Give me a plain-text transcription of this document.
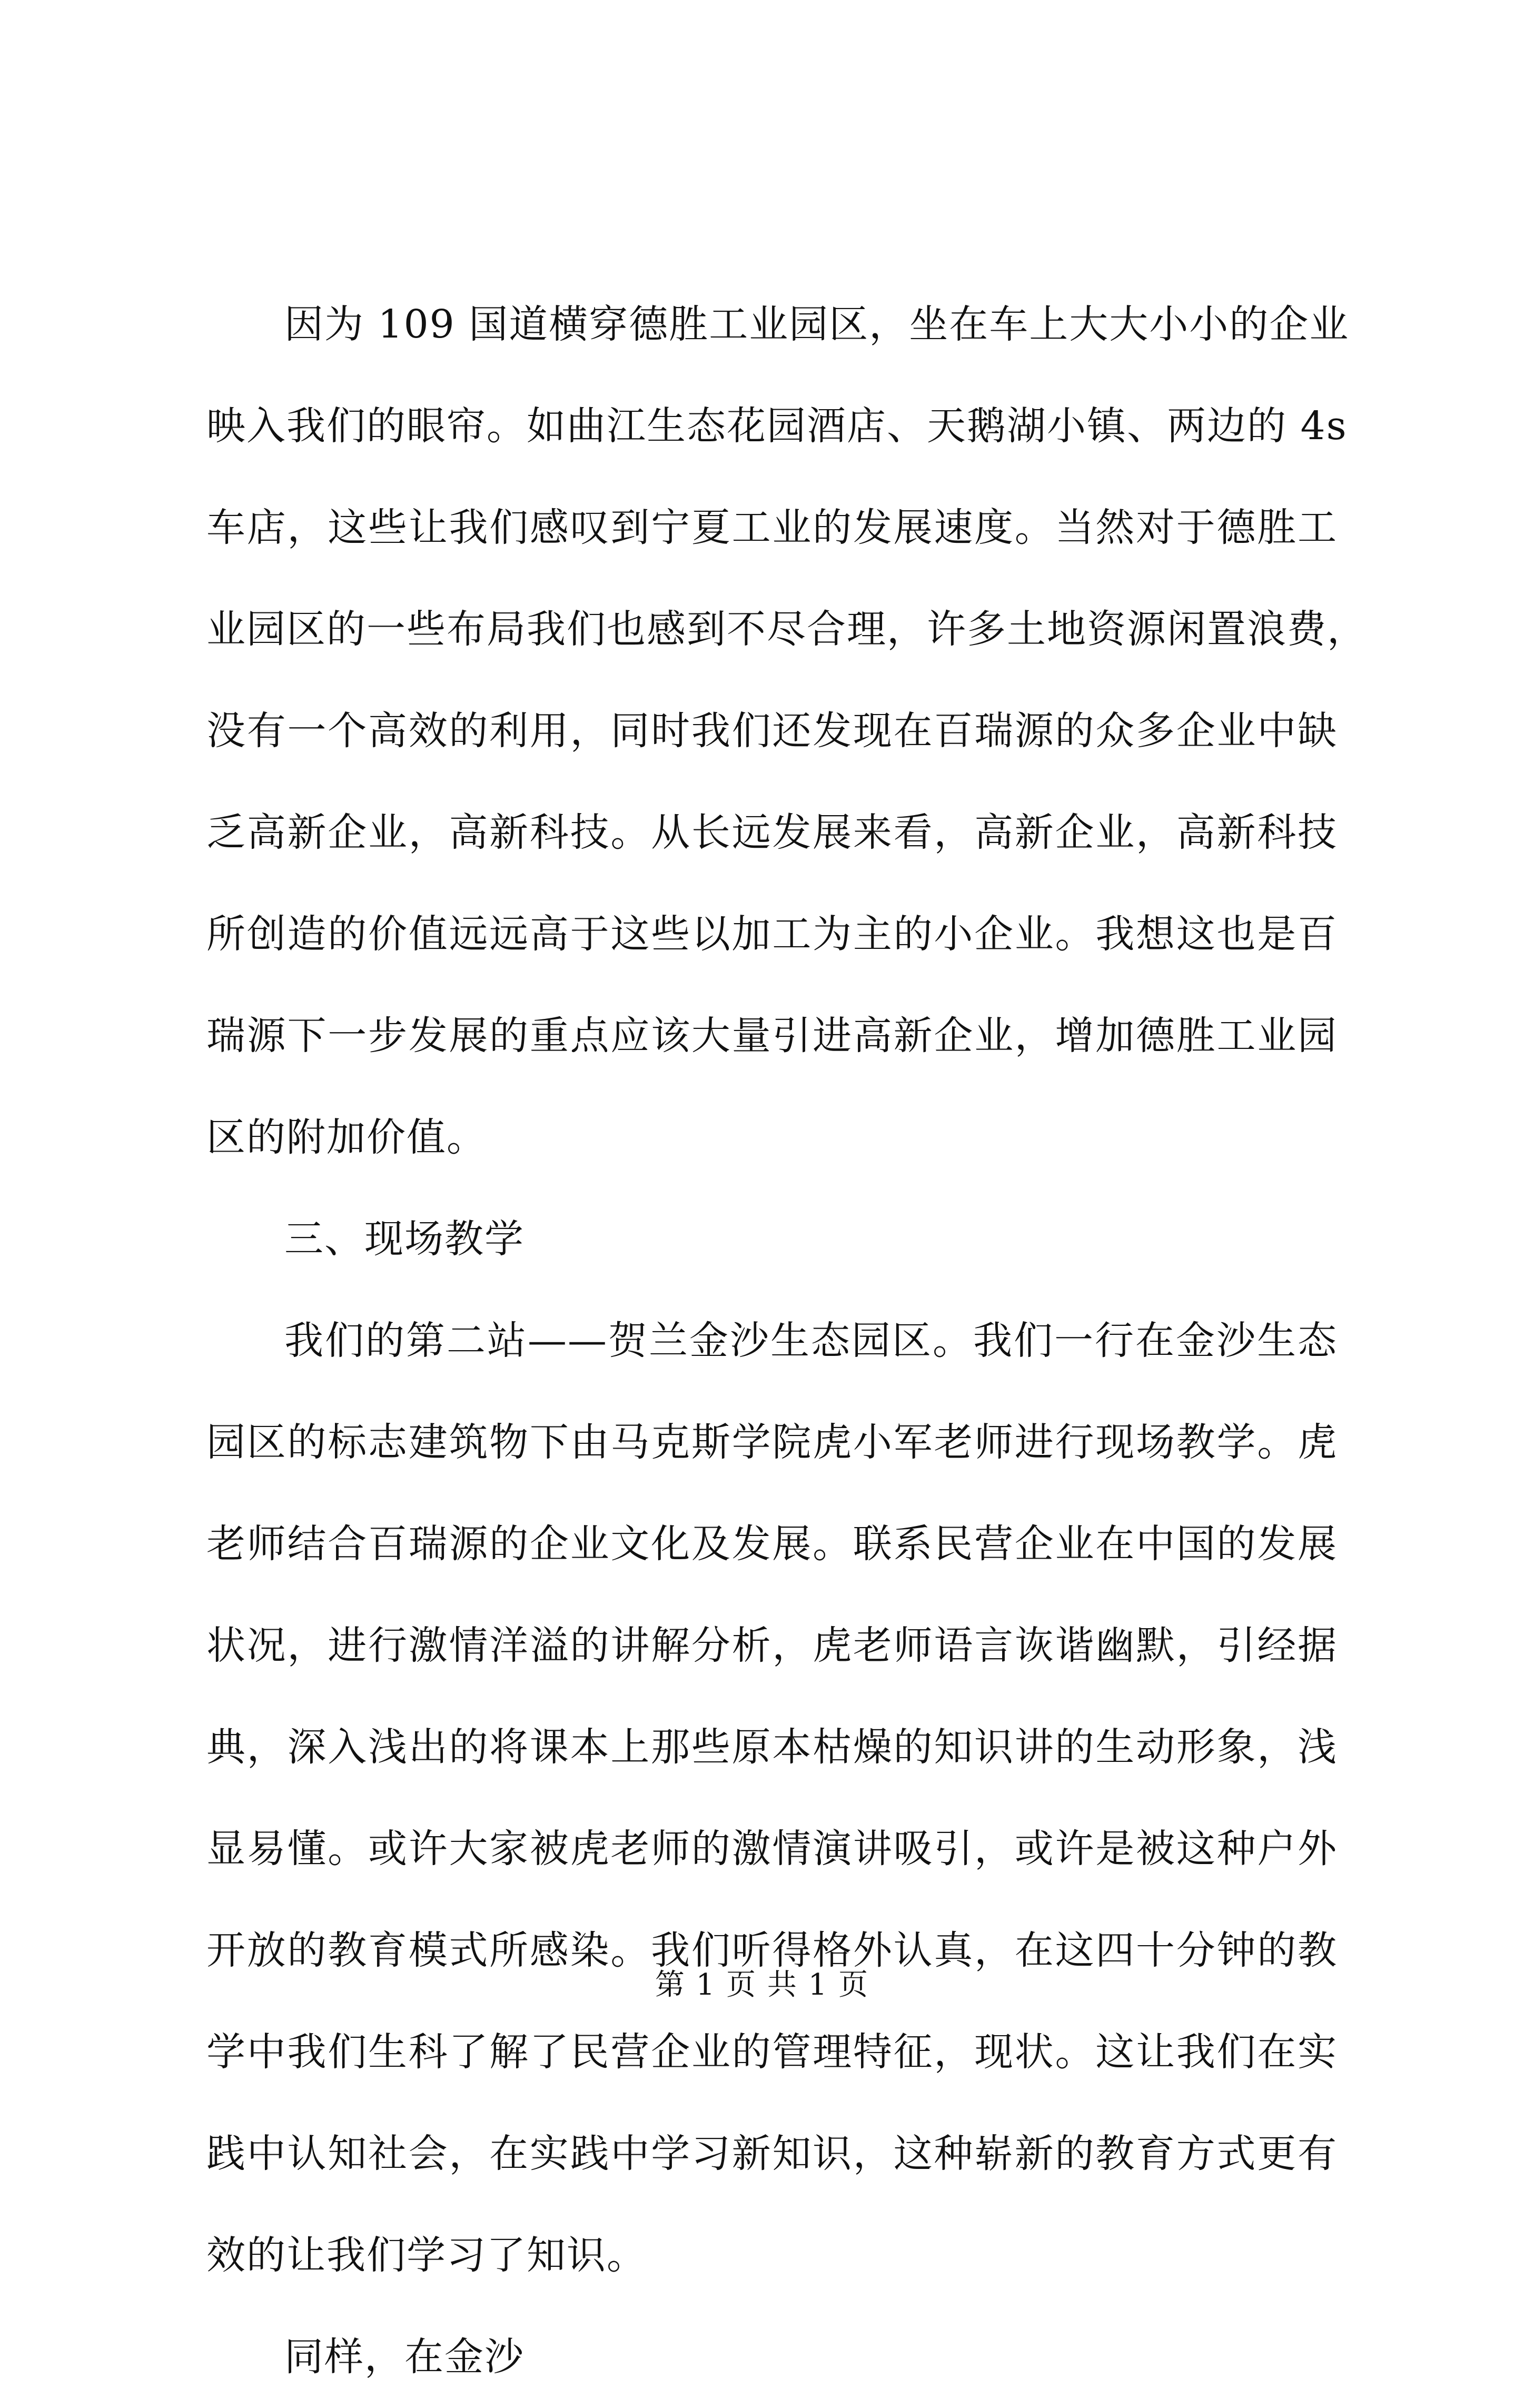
因为 109 国道横穿德胜工业园区，坐在车上大大小小的企业
映入我们的眼帘。如曲江生态花园酒店、天鹅湖小镇、两边的 4s
车店，这些让我们感叹到宁夏工业的发展速度。当然对于德胜工
业园区的一些布局我们也感到不尽合理，许多土地资源闲置浪费，
没有一个高效的利用，同时我们还发现在百瑞源的众多企业中缺
乏高新企业，高新科技。从长远发展来看，高新企业，高新科技
所创造的价值远远高于这些以加工为主的小企业。我想这也是百
瑞源下一步发展的重点应该大量引进高新企业，增加德胜工业园
区的附加价值。
三、现场教学
我们的第二站——贺兰金沙生态园区。我们一行在金沙生态
园区的标志建筑物下由马克斯学院虎小军老师进行现场教学。虎
老师结合百瑞源的企业文化及发展。联系民营企业在中国的发展
状况，进行激情洋溢的讲解分析，虎老师语言诙谐幽默，引经据
典，深入浅出的将课本上那些原本枯燥的知识讲的生动形象，浅
显易懂。或许大家被虎老师的激情演讲吸引，或许是被这种户外
开放的教育模式所感染。我们听得格外认真，在这四十分钟的教
学中我们生科了解了民营企业的管理特征，现状。这让我们在实
践中认知社会，在实践中学习新知识，这种崭新的教育方式更有
效的让我们学习了知识。
同样，在金沙
第 1 页 共 1 页
